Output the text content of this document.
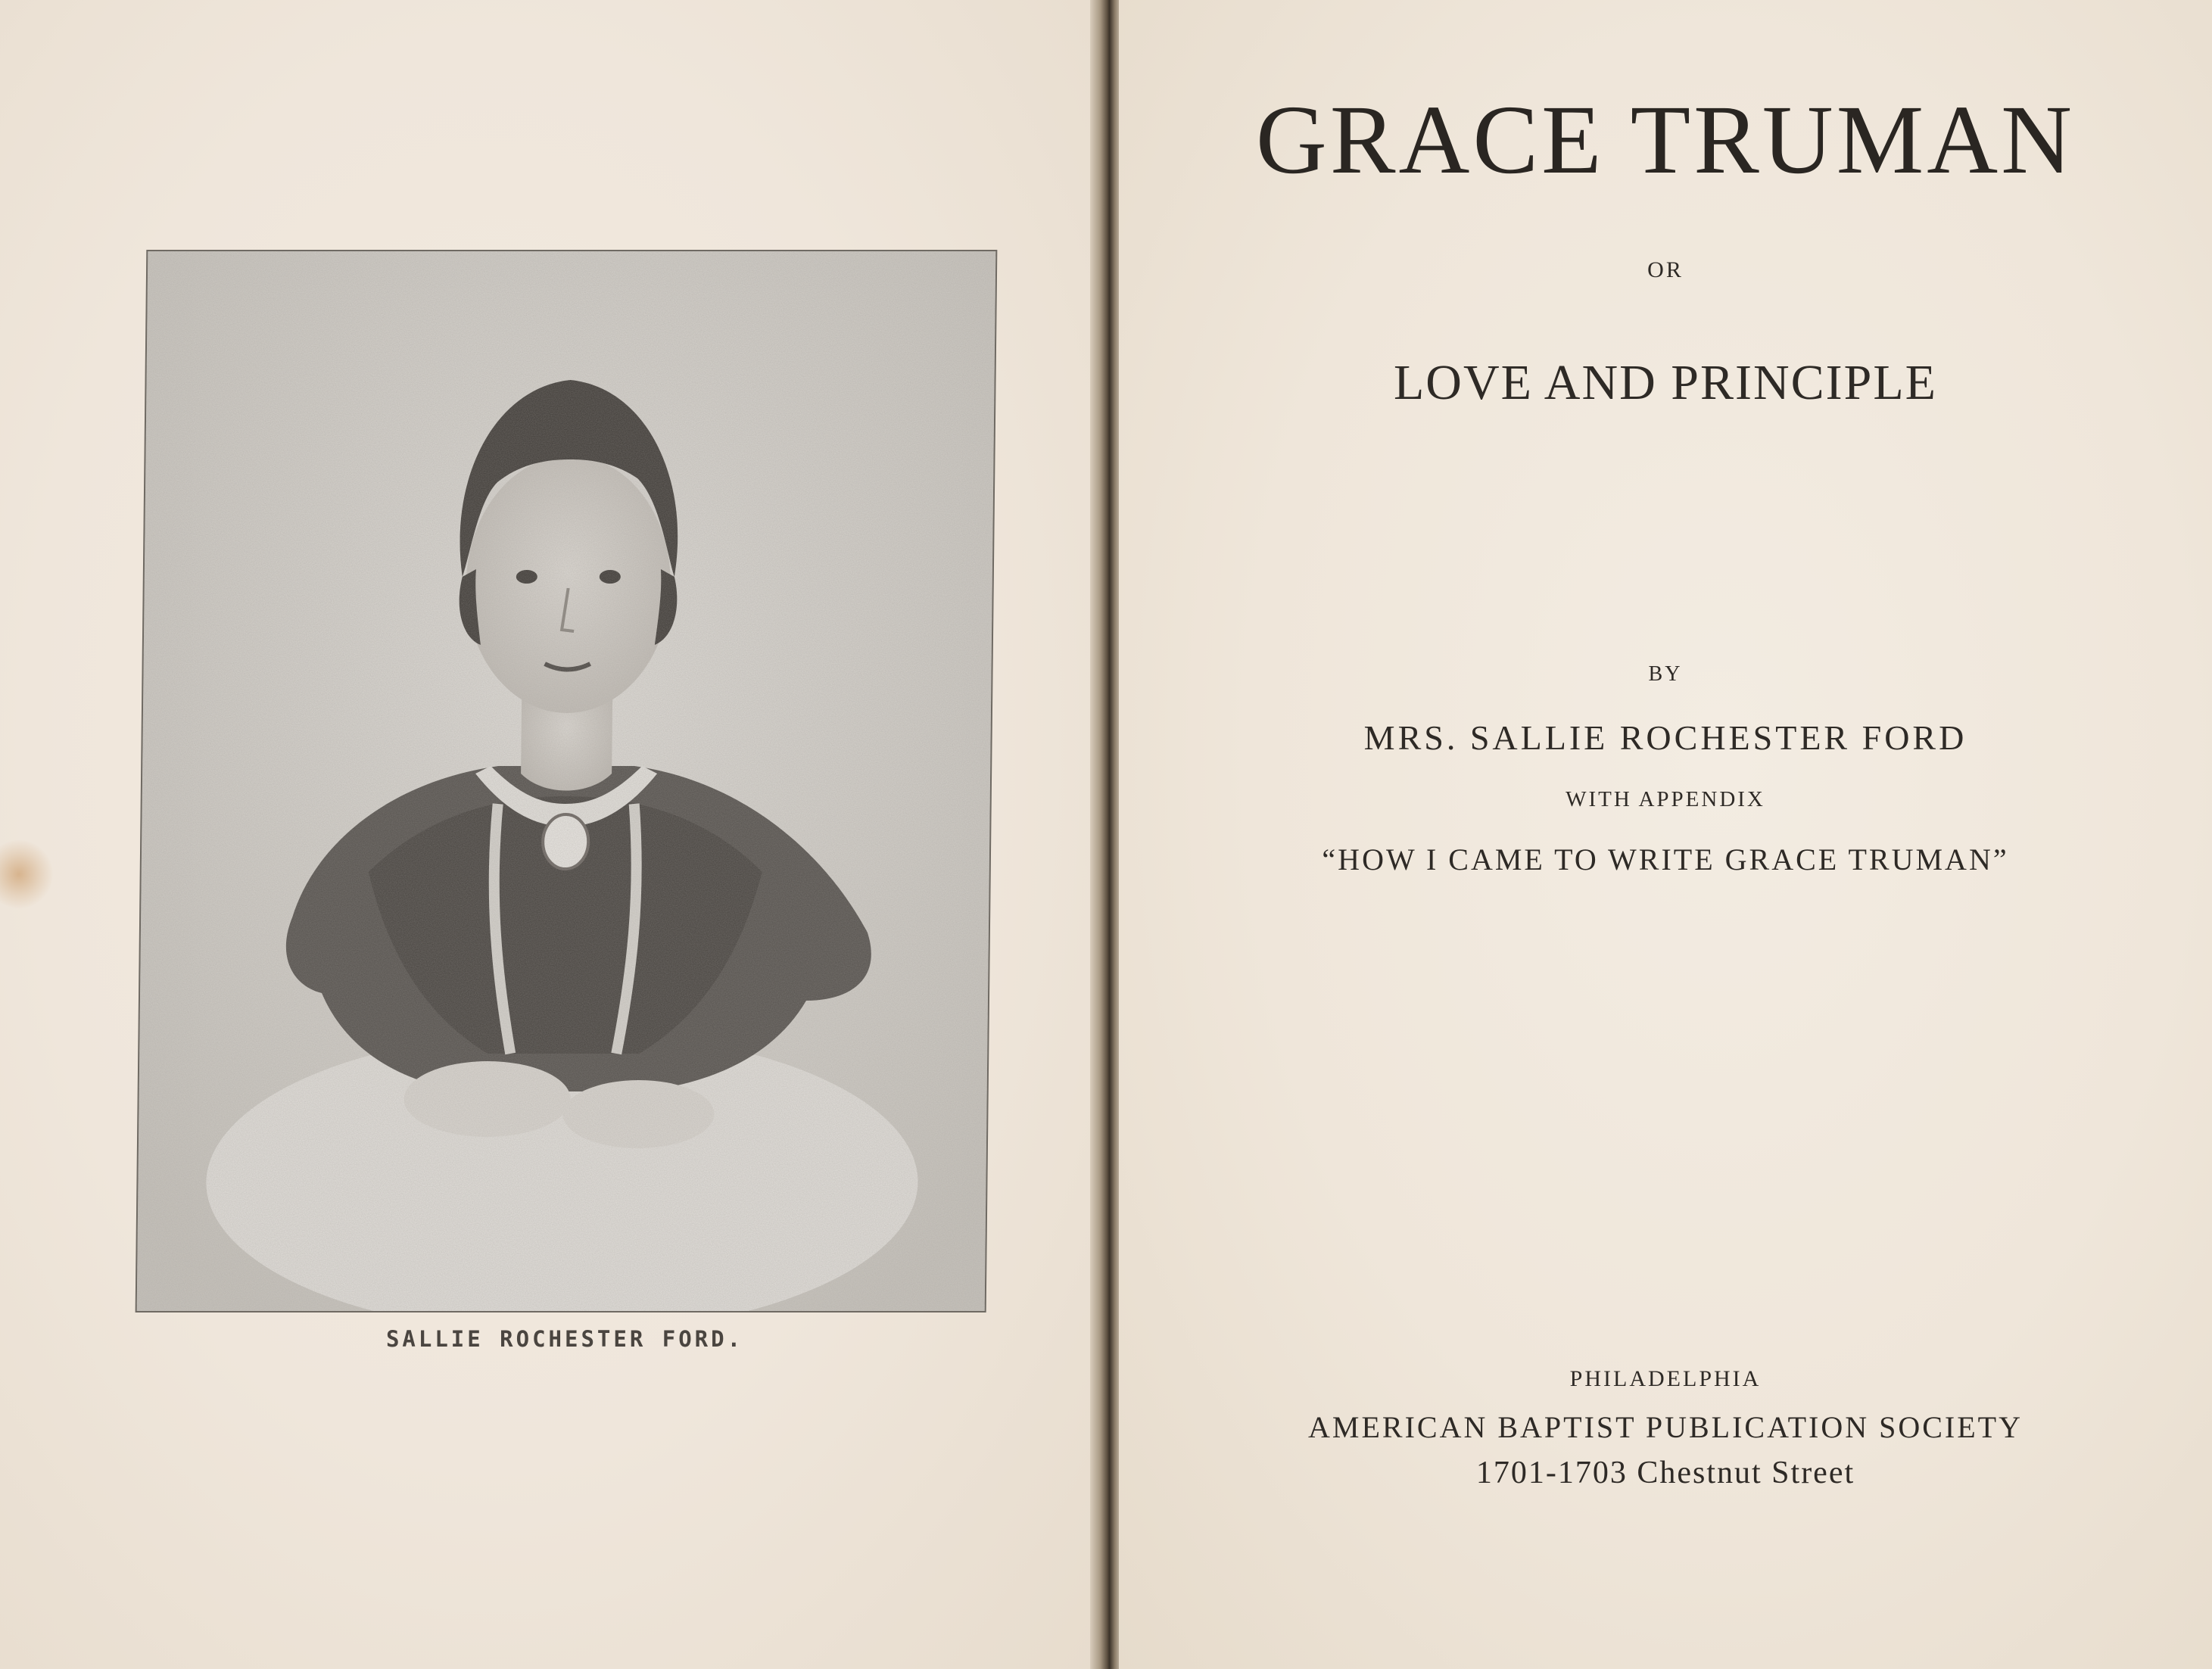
SALLIE ROCHESTER FORD.
GRACE TRUMAN
OR
LOVE AND PRINCIPLE
BY
MRS. SALLIE ROCHESTER FORD
WITH APPENDIX
“HOW I CAME TO WRITE GRACE TRUMAN”
PHILADELPHIA
AMERICAN BAPTIST PUBLICATION SOCIETY
1701-1703 Chestnut Street
